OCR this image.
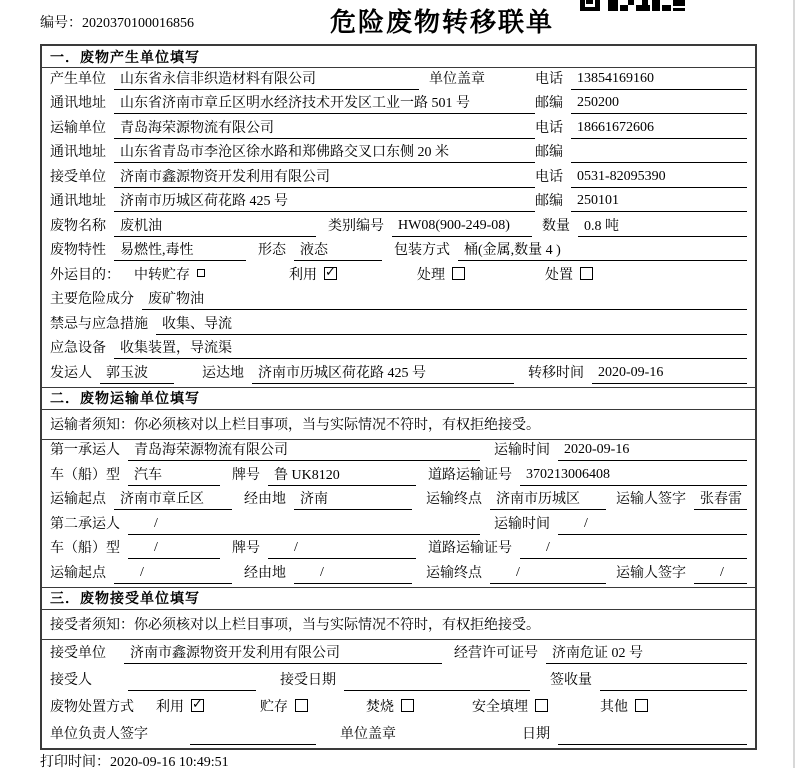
编号：2020370100016856	危险废物转移联单
一．废物产生单位填写
产生单位	山东省永信非织造材料有限公司	单位盖章	电话	13854169160
通讯地址	山东省济南市章丘区明水经济技术开发区工业一路 501 号	邮编	250200
运输单位	青岛海荣源物流有限公司	电话	18661672606
通讯地址	山东省青岛市李沧区徐水路和郑佛路交叉口东侧 20 米	邮编
接受单位	济南市鑫源物资开发利用有限公司	电话	0531-82095390
通讯地址	济南市历城区荷花路 425 号	邮编	250101
废物名称	废机油	类别编号	HW08(900-249-08)	数量	0.8 吨
废物特性	易燃性,毒性	形态	液态	包装方式	桶(金属,数量 4 )
外运目的： 中转贮存	利用 ✓	处理	处置
主要危险成分	废矿物油
禁忌与应急措施	收集、导流
应急设备	收集装置，导流渠
发运人	郭玉波	运达地	济南市历城区荷花路 425 号	转移时间	2020-09-16
二．废物运输单位填写
运输者须知： 你必须核对以上栏目事项，当与实际情况不符时，有权拒绝接受。
第一承运人	青岛海荣源物流有限公司	运输时间	2020-09-16
车（船）型	汽车	牌号	鲁 UK8120	道路运输证号	370213006408
运输起点	济南市章丘区	经由地	济南	运输终点	济南市历城区	运输人签字	张春雷
第二承运人	/	运输时间	/
车（船）型	/	牌号	/	道路运输证号	/
运输起点	/	经由地	/	运输终点	/	运输人签字	/
三．废物接受单位填写
接受者须知： 你必须核对以上栏目事项，当与实际情况不符时，有权拒绝接受。
接受单位	济南市鑫源物资开发利用有限公司	经营许可证号	济南危证 02 号
接受人	接受日期	签收量
废物处置方式 利用 ✓	贮存	焚烧	安全填埋	其他
单位负责人签字	单位盖章	日期
打印时间：2020-09-16 10:49:51
